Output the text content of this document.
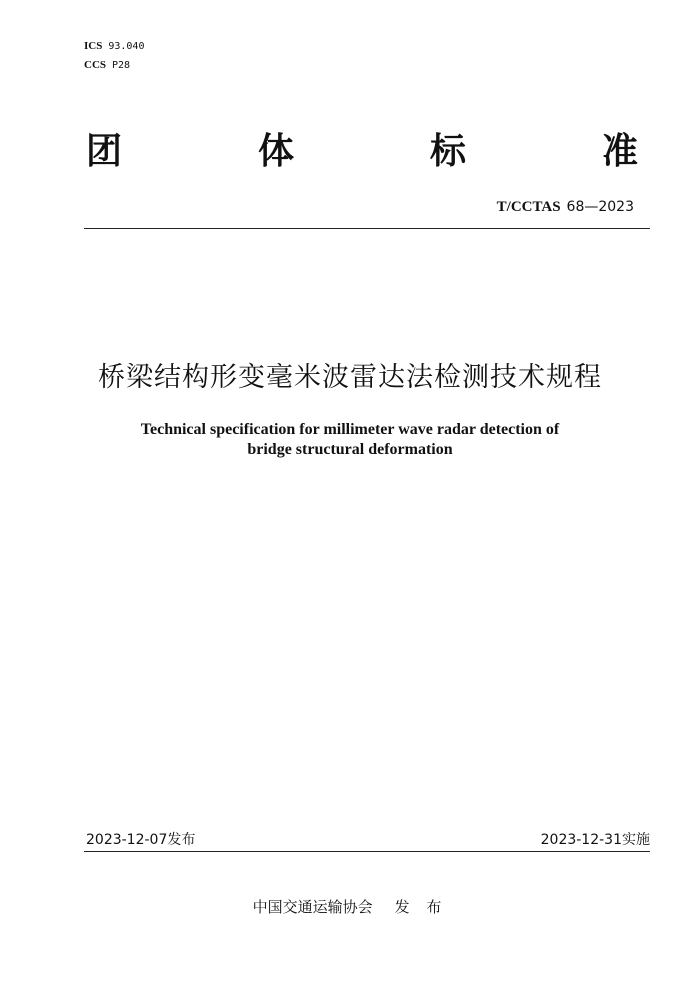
ICS 93.040
CCS P28
团	体	标	准
T/CCTAS 68—2023
桥梁结构形变毫米波雷达法检测技术规程
Technical specification for millimeter wave radar detection of
bridge structural deformation
2023-12-07发布	2023-12-31实施
中国交通运输协会 发 布
